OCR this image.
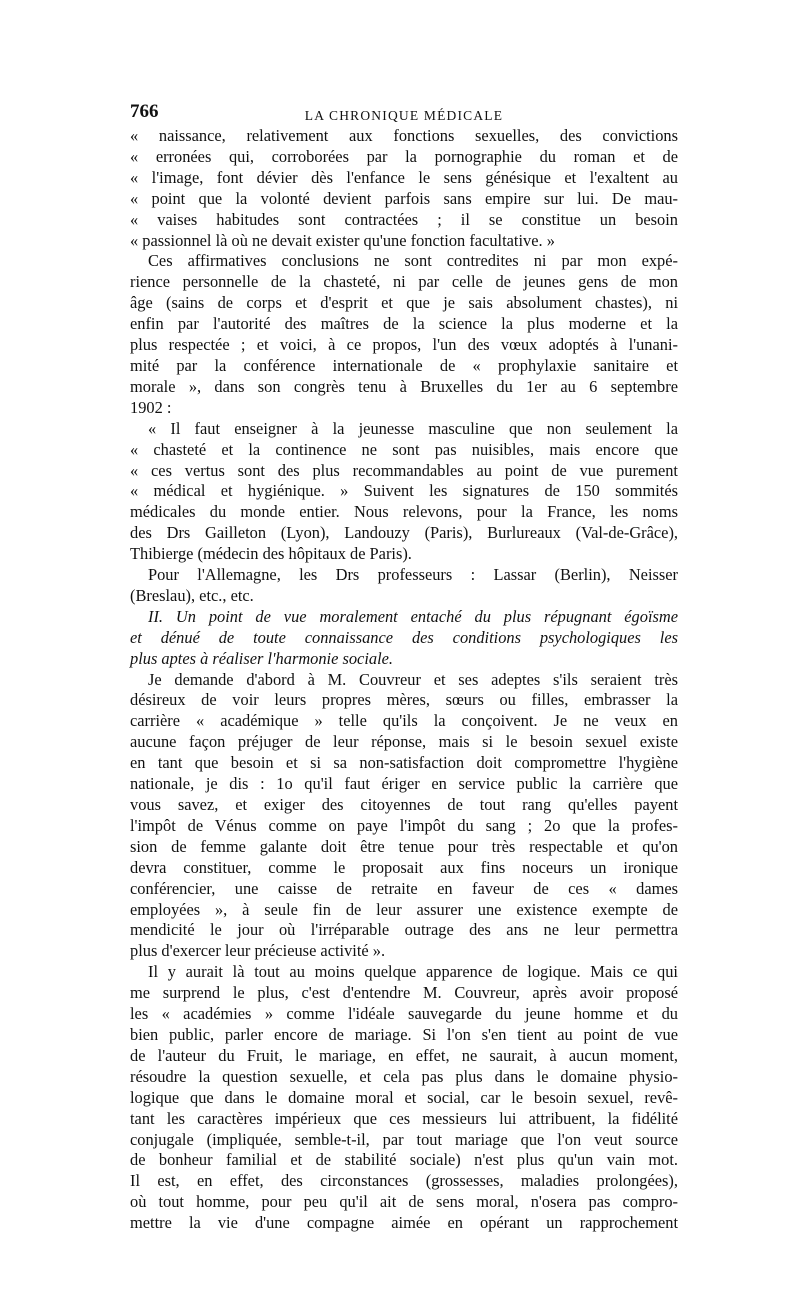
766	LA CHRONIQUE MÉDICALE
« naissance, relativement aux fonctions sexuelles, des convictions
« erronées qui, corroborées par la pornographie du roman et de
« l'image, font dévier dès l'enfance le sens génésique et l'exaltent au
« point que la volonté devient parfois sans empire sur lui. De mau-
« vaises habitudes sont contractées ; il se constitue un besoin
« passionnel là où ne devait exister qu'une fonction facultative. »
Ces affirmatives conclusions ne sont contredites ni par mon expé-
rience personnelle de la chasteté, ni par celle de jeunes gens de mon
âge (sains de corps et d'esprit et que je sais absolument chastes), ni
enfin par l'autorité des maîtres de la science la plus moderne et la
plus respectée ; et voici, à ce propos, l'un des vœux adoptés à l'unani-
mité par la conférence internationale de « prophylaxie sanitaire et
morale », dans son congrès tenu à Bruxelles du 1er au 6 septembre
1902 :
« Il faut enseigner à la jeunesse masculine que non seulement la
« chasteté et la continence ne sont pas nuisibles, mais encore que
« ces vertus sont des plus recommandables au point de vue purement
« médical et hygiénique. » Suivent les signatures de 150 sommités
médicales du monde entier. Nous relevons, pour la France, les noms
des Drs Gailleton (Lyon), Landouzy (Paris), Burlureaux (Val-de-Grâce),
Thibierge (médecin des hôpitaux de Paris).
Pour l'Allemagne, les Drs professeurs : Lassar (Berlin), Neisser
(Breslau), etc., etc.
II. Un point de vue moralement entaché du plus répugnant égoïsme
et dénué de toute connaissance des conditions psychologiques les
plus aptes à réaliser l'harmonie sociale.
Je demande d'abord à M. Couvreur et ses adeptes s'ils seraient très
désireux de voir leurs propres mères, sœurs ou filles, embrasser la
carrière « académique » telle qu'ils la conçoivent. Je ne veux en
aucune façon préjuger de leur réponse, mais si le besoin sexuel existe
en tant que besoin et si sa non-satisfaction doit compromettre l'hygiène
nationale, je dis : 1o qu'il faut ériger en service public la carrière que
vous savez, et exiger des citoyennes de tout rang qu'elles payent
l'impôt de Vénus comme on paye l'impôt du sang ; 2o que la profes-
sion de femme galante doit être tenue pour très respectable et qu'on
devra constituer, comme le proposait aux fins noceurs un ironique
conférencier, une caisse de retraite en faveur de ces « dames
employées », à seule fin de leur assurer une existence exempte de
mendicité le jour où l'irréparable outrage des ans ne leur permettra
plus d'exercer leur précieuse activité ».
Il y aurait là tout au moins quelque apparence de logique. Mais ce qui
me surprend le plus, c'est d'entendre M. Couvreur, après avoir proposé
les « académies » comme l'idéale sauvegarde du jeune homme et du
bien public, parler encore de mariage. Si l'on s'en tient au point de vue
de l'auteur du Fruit, le mariage, en effet, ne saurait, à aucun moment,
résoudre la question sexuelle, et cela pas plus dans le domaine physio-
logique que dans le domaine moral et social, car le besoin sexuel, revê-
tant les caractères impérieux que ces messieurs lui attribuent, la fidélité
conjugale (impliquée, semble-t-il, par tout mariage que l'on veut source
de bonheur familial et de stabilité sociale) n'est plus qu'un vain mot.
Il est, en effet, des circonstances (grossesses, maladies prolongées),
où tout homme, pour peu qu'il ait de sens moral, n'osera pas compro-
mettre la vie d'une compagne aimée en opérant un rapprochement
